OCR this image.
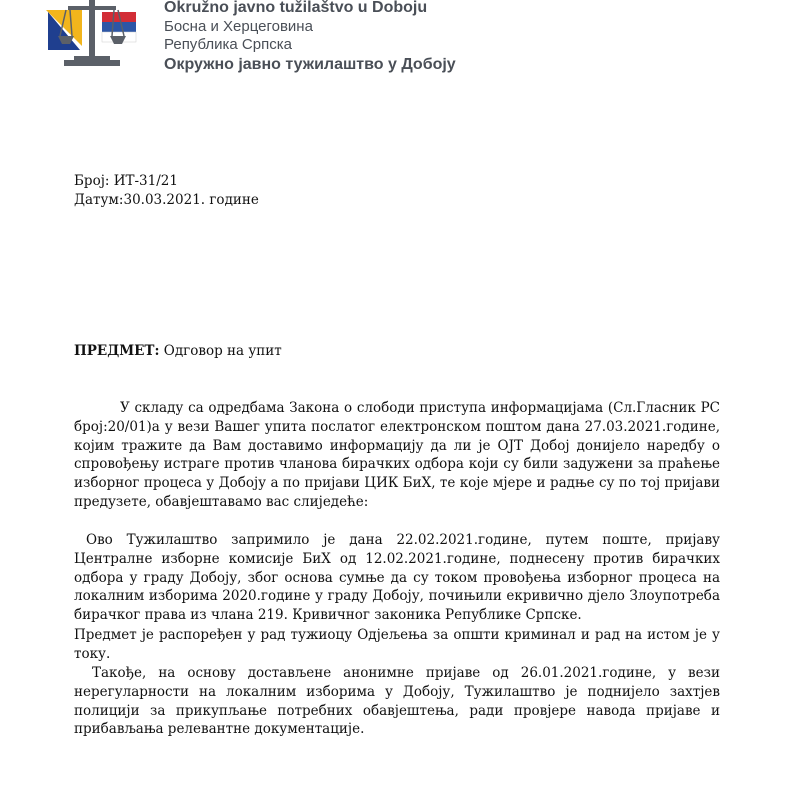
Okružno javno tužilaštvo u Doboju
Босна и Херцеговина
Република Српска
Окружно јавно тужилаштво у Добоју
Број: ИТ-31/21
Датум:30.03.2021. године
ПРЕДМЕТ: Одговор на упит
У складу са одредбама Закона о слободи приступа информацијама (Сл.Гласник РС број:20/01)а у вези Вашег упита послатог електронском поштом дана 27.03.2021.године, којим тражите да Вам доставимо информацију да ли је ОЈТ Добој донијело наредбу о спровођењу истраге против чланова бирачких одбора који су били задужени за праћење изборног процеса у Добоју а по пријави ЦИК БиХ, те које мјере и радње су по тој пријави предузете, обавјештавамо вас слиједеће:
Ово Тужилаштво запримило је дана 22.02.2021.године, путем поште, пријаву Централне изборне комисије БиХ од 12.02.2021.године, поднесену против бирачких одбора у граду Добоју, због основа сумње да су током провођења изборног процеса на локалним изборима 2020.године у граду Добоју, почињили екривично дјело Злоупотреба бирачког права из члана 219. Кривичног законика Републике Српске.
Предмет је распоређен у рад тужиоцу Одјељења за општи криминал и рад на истом је у току.
Такође, на основу достављене анонимне пријаве од 26.01.2021.године, у вези нерегуларности на локалним изборима у Добоју, Тужилаштво је поднијело захтјев полицији за прикупљање потребних обавјештења, ради провјере навода пријаве и прибављања релевантне документације.
